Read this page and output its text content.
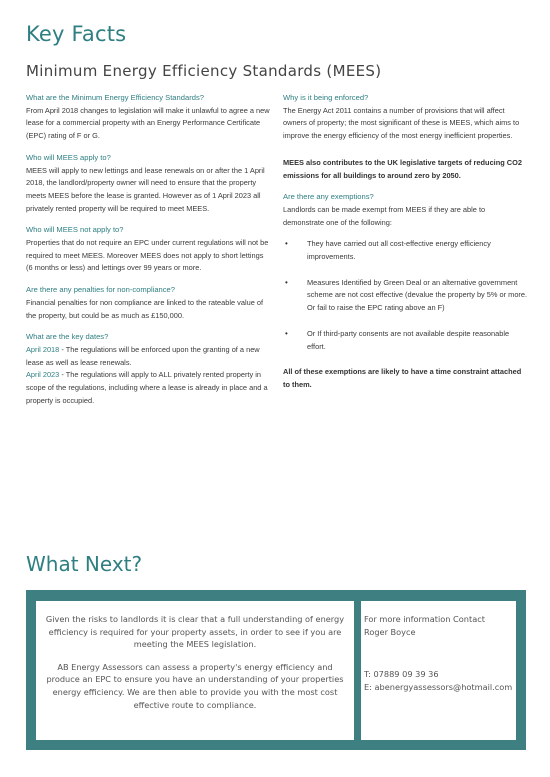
Key Facts
Minimum Energy Efficiency Standards (MEES)

What are the Minimum Energy Efficiency Standards?

From April 2018 changes to legislation will make it unlawful to agree a new lease for a commercial property with an Energy Performance Certificate (EPC) rating of F or G.

Who will MEES apply to?

MEES will apply to new lettings and lease renewals on or after the 1 April 2018, the landlord/property owner will need to ensure that the property meets MEES before the lease is granted. However as of 1 April 2023 all privately rented property will be required to meet MEES.

Who will MEES not apply to?

Properties that do not require an EPC under current regulations will not be required to meet MEES. Moreover MEES does not apply to short lettings (6 months or less) and lettings over 99 years or more.

Are there any penalties for non-compliance?

Financial penalties for non compliance are linked to the rateable value of the property, but could be as much as £150,000.

What are the key dates?

April 2018 - The regulations will be enforced upon the granting of a new lease as well as lease renewals.

April 2023 - The regulations will apply to ALL privately rented property in scope of the regulations, including where a lease is already in place and a property is occupied.

Why is it being enforced?

The Energy Act 2011 contains a number of provisions that will affect owners of property; the most significant of these is MEES, which aims to improve the energy efficiency of the most energy inefficient properties.

MEES also contributes to the UK legislative targets of reducing CO2 emissions for all buildings to around zero by 2050.

Are there any exemptions?

Landlords can be made exempt from MEES if they are able to demonstrate one of the following:

• They have carried out all cost-effective energy efficiency improvements.
• Measures Identified by Green Deal or an alternative government scheme are not cost effective (devalue the property by 5% or more. Or fail to raise the EPC rating above an F)
• Or If third-party consents are not available despite reasonable effort.

All of these exemptions are likely to have a time constraint attached to them.

What Next?
Given the risks to landlords it is clear that a full understanding of energy efficiency is required for your property assets, in order to see if you are meeting the MEES legislation.
AB Energy Assessors can assess a property's energy efficiency and produce an EPC to ensure you have an understanding of your properties energy efficiency. We are then able to provide you with the most cost effective route to compliance.
For more information Contact
Roger Boyce
T: 07889 09 39 36
E: abenergyassessors@hotmail.com
